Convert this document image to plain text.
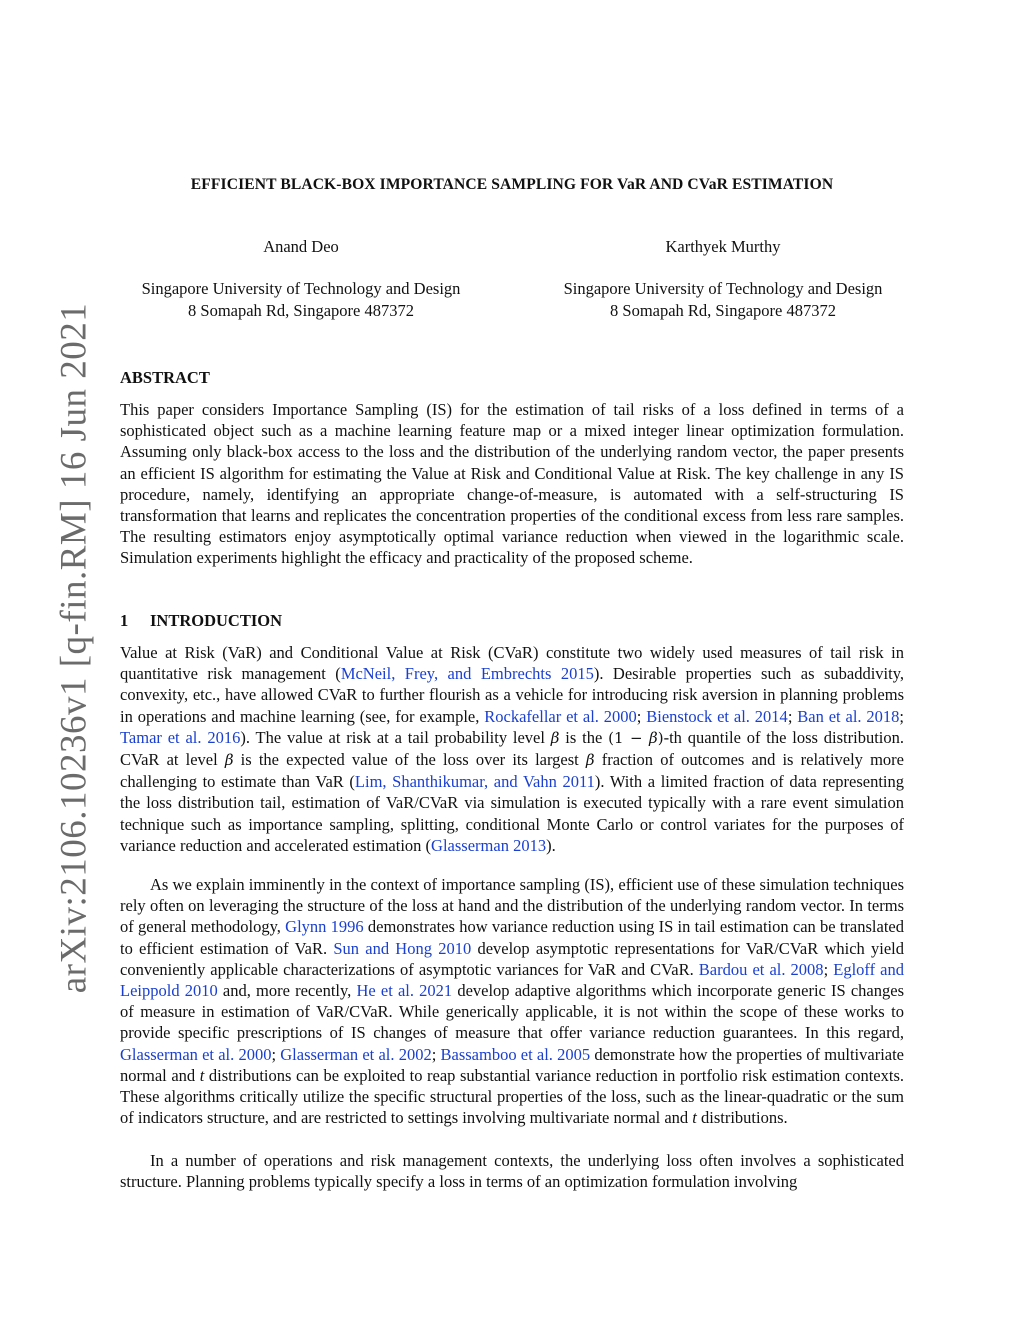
arXiv:2106.10236v1 [q-fin.RM] 16 Jun 2021
EFFICIENT BLACK-BOX IMPORTANCE SAMPLING FOR VaR AND CVaR ESTIMATION
Anand Deo
Singapore University of Technology and Design
8 Somapah Rd, Singapore 487372
Karthyek Murthy
Singapore University of Technology and Design
8 Somapah Rd, Singapore 487372
ABSTRACT

This paper considers Importance Sampling (IS) for the estimation of tail risks of a loss defined in terms of a sophisticated object such as a machine learning feature map or a mixed integer linear optimization formulation. Assuming only black-box access to the loss and the distribution of the underlying random vector, the paper presents an efficient IS algorithm for estimating the Value at Risk and Conditional Value at Risk. The key challenge in any IS procedure, namely, identifying an appropriate change-of-measure, is automated with a self-structuring IS transformation that learns and replicates the concentration properties of the conditional excess from less rare samples. The resulting estimators enjoy asymptotically optimal variance reduction when viewed in the logarithmic scale. Simulation experiments highlight the efficacy and practicality of the proposed scheme.

1 INTRODUCTION

Value at Risk (VaR) and Conditional Value at Risk (CVaR) constitute two widely used measures of tail risk in quantitative risk management (McNeil, Frey, and Embrechts 2015). Desirable properties such as subaddivity, convexity, etc., have allowed CVaR to further flourish as a vehicle for introducing risk aversion in planning problems in operations and machine learning (see, for example, Rockafellar et al. 2000; Bienstock et al. 2014; Ban et al. 2018; Tamar et al. 2016). The value at risk at a tail probability level β is the (1 − β)-th quantile of the loss distribution. CVaR at level β is the expected value of the loss over its largest β fraction of outcomes and is relatively more challenging to estimate than VaR (Lim, Shanthikumar, and Vahn 2011). With a limited fraction of data representing the loss distribution tail, estimation of VaR/CVaR via simulation is executed typically with a rare event simulation technique such as importance sampling, splitting, conditional Monte Carlo or control variates for the purposes of variance reduction and accelerated estimation (Glasserman 2013).

As we explain imminently in the context of importance sampling (IS), efficient use of these simulation techniques rely often on leveraging the structure of the loss at hand and the distribution of the underlying random vector. In terms of general methodology, Glynn 1996 demonstrates how variance reduction using IS in tail estimation can be translated to efficient estimation of VaR. Sun and Hong 2010 develop asymptotic representations for VaR/CVaR which yield conveniently applicable characterizations of asymptotic variances for VaR and CVaR. Bardou et al. 2008; Egloff and Leippold 2010 and, more recently, He et al. 2021 develop adaptive algorithms which incorporate generic IS changes of measure in estimation of VaR/CVaR. While generically applicable, it is not within the scope of these works to provide specific prescriptions of IS changes of measure that offer variance reduction guarantees. In this regard, Glasserman et al. 2000; Glasserman et al. 2002; Bassamboo et al. 2005 demonstrate how the properties of multivariate normal and t distributions can be exploited to reap substantial variance reduction in portfolio risk estimation contexts. These algorithms critically utilize the specific structural properties of the loss, such as the linear-quadratic or the sum of indicators structure, and are restricted to settings involving multivariate normal and t distributions.

In a number of operations and risk management contexts, the underlying loss often involves a sophisticated structure. Planning problems typically specify a loss in terms of an optimization formulation involving
